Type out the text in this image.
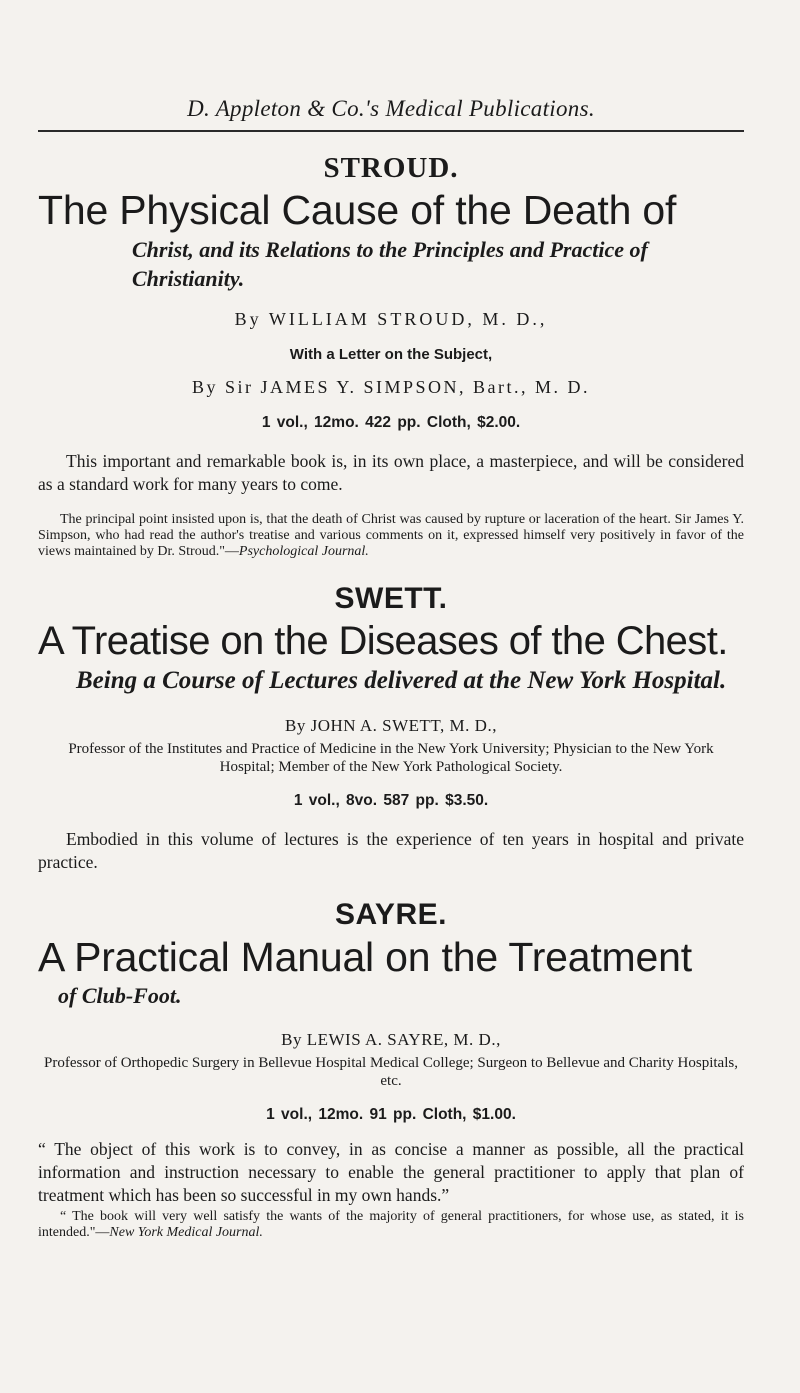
D. Appleton & Co.'s Medical Publications.
STROUD.
The Physical Cause of the Death of
Christ, and its Relations to the Principles and Practice of Christianity.
By WILLIAM STROUD, M. D.,
With a Letter on the Subject,
By Sir JAMES Y. SIMPSON, Bart., M. D.
1 vol., 12mo. 422 pp. Cloth, $2.00.

This important and remarkable book is, in its own place, a masterpiece, and will be considered as a standard work for many years to come.

The principal point insisted upon is, that the death of Christ was caused by rupture or laceration of the heart. Sir James Y. Simpson, who had read the author's treatise and various comments on it, expressed himself very positively in favor of the views maintained by Dr. Stroud."—Psychological Journal.

SWETT.
A Treatise on the Diseases of the Chest.
Being a Course of Lectures delivered at the New York Hospital.
By JOHN A. SWETT, M. D.,
Professor of the Institutes and Practice of Medicine in the New York University; Physician to the New York Hospital; Member of the New York Pathological Society.
1 vol., 8vo. 587 pp. $3.50.

Embodied in this volume of lectures is the experience of ten years in hospital and private practice.

SAYRE.
A Practical Manual on the Treatment
of Club-Foot.
By LEWIS A. SAYRE, M. D.,
Professor of Orthopedic Surgery in Bellevue Hospital Medical College; Surgeon to Bellevue and Charity Hospitals, etc.
1 vol., 12mo. 91 pp. Cloth, $1.00.

“ The object of this work is to convey, in as concise a manner as possible, all the practical information and instruction necessary to enable the general practitioner to apply that plan of treatment which has been so successful in my own hands.”

“ The book will very well satisfy the wants of the majority of general practitioners, for whose use, as stated, it is intended."—New York Medical Journal.
